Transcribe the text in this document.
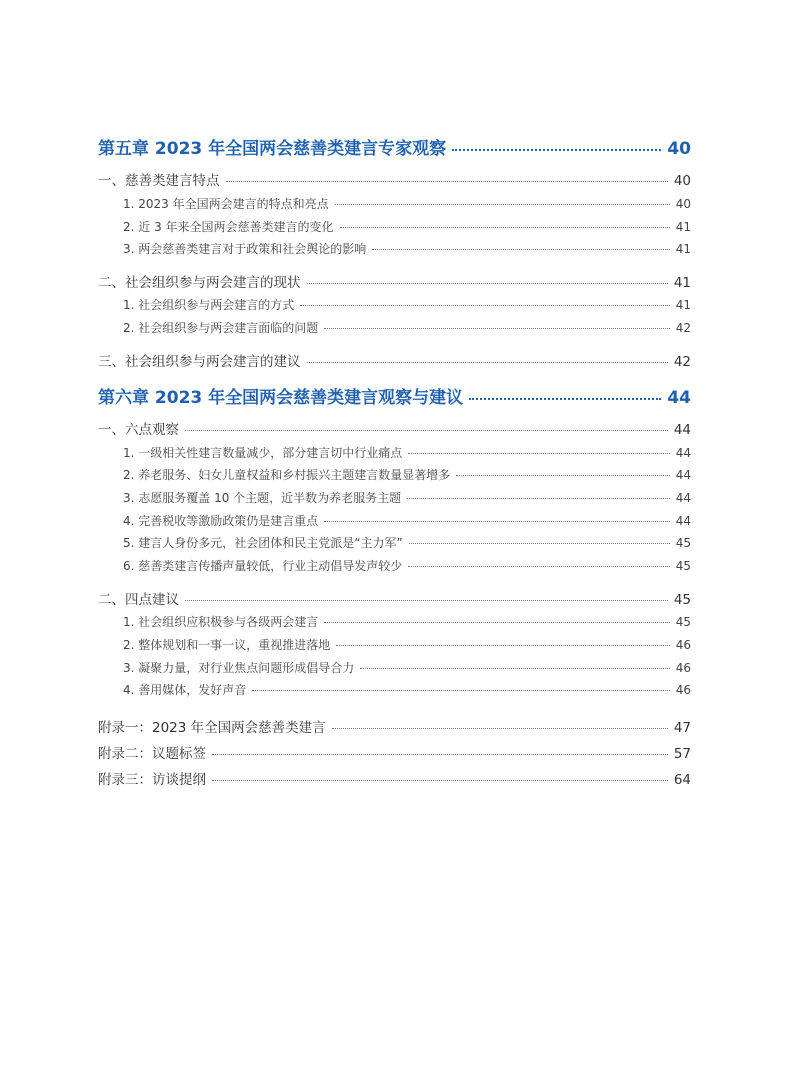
第五章 2023 年全国两会慈善类建言专家观察	40
一、慈善类建言特点	40
1. 2023 年全国两会建言的特点和亮点	40
2. 近 3 年来全国两会慈善类建言的变化	41
3. 两会慈善类建言对于政策和社会舆论的影响	41
二、社会组织参与两会建言的现状	41
1. 社会组织参与两会建言的方式	41
2. 社会组织参与两会建言面临的问题	42
三、社会组织参与两会建言的建议	42
第六章 2023 年全国两会慈善类建言观察与建议	44
一、六点观察	44
1. 一级相关性建言数量减少，部分建言切中行业痛点	44
2. 养老服务、妇女儿童权益和乡村振兴主题建言数量显著增多	44
3. 志愿服务覆盖 10 个主题，近半数为养老服务主题	44
4. 完善税收等激励政策仍是建言重点	44
5. 建言人身份多元，社会团体和民主党派是“主力军”	45
6. 慈善类建言传播声量较低，行业主动倡导发声较少	45
二、四点建议	45
1. 社会组织应积极参与各级两会建言	45
2. 整体规划和一事一议，重视推进落地	46
3. 凝聚力量，对行业焦点问题形成倡导合力	46
4. 善用媒体，发好声音	46
附录一：2023 年全国两会慈善类建言	47
附录二：议题标签	57
附录三：访谈提纲	64
